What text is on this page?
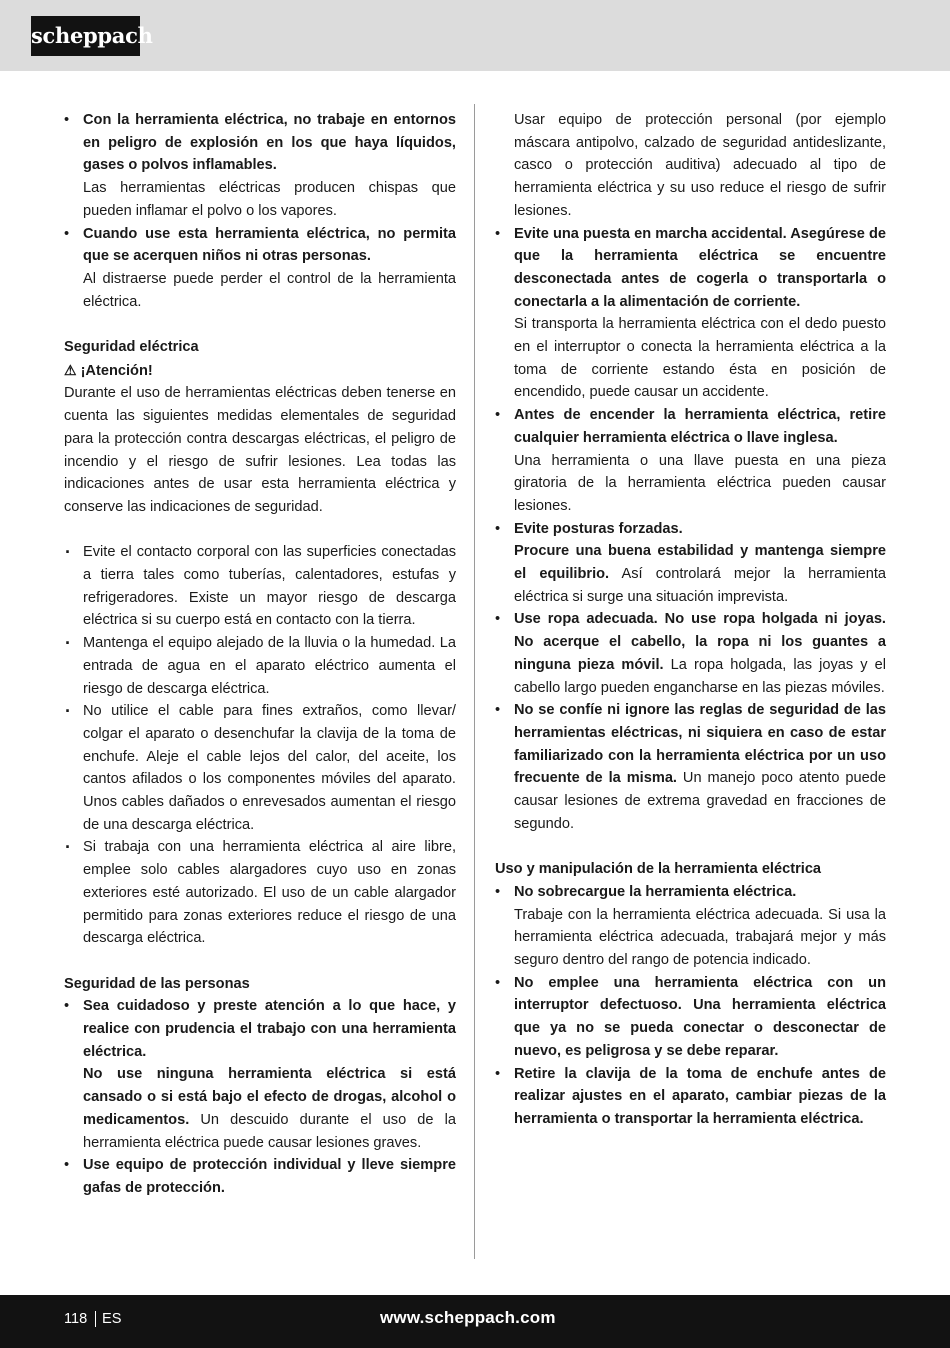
scheppach
• Con la herramienta eléctrica, no trabaje en entornos en peligro de explosión en los que haya líquidos, gases o polvos inflamables.
Las herramientas eléctricas producen chispas que pueden inflamar el polvo o los vapores.
• Cuando use esta herramienta eléctrica, no permita que se acerquen niños ni otras personas.
Al distraerse puede perder el control de la herramienta eléctrica.

Seguridad eléctrica

⚠ ¡Atención!

Durante el uso de herramientas eléctricas deben tenerse en cuenta las siguientes medidas elementales de seguridad para la protección contra descargas eléctricas, el peligro de incendio y el riesgo de sufrir lesiones. Lea todas las indicaciones antes de usar esta herramienta eléctrica y conserve las indicaciones de seguridad.

· Evite el contacto corporal con las superficies conectadas a tierra tales como tuberías, calentadores, estufas y refrigeradores. Existe un mayor riesgo de descarga eléctrica si su cuerpo está en contacto con la tierra.
· Mantenga el equipo alejado de la lluvia o la humedad. La entrada de agua en el aparato eléctrico aumenta el riesgo de descarga eléctrica.
· No utilice el cable para fines extraños, como llevar/ colgar el aparato o desenchufar la clavija de la toma de enchufe. Aleje el cable lejos del calor, del aceite, los cantos afilados o los componentes móviles del aparato. Unos cables dañados o enrevesados aumentan el riesgo de una descarga eléctrica.
· Si trabaja con una herramienta eléctrica al aire libre, emplee solo cables alargadores cuyo uso en zonas exteriores esté autorizado. El uso de un cable alargador permitido para zonas exteriores reduce el riesgo de una descarga eléctrica.

Seguridad de las personas

• Sea cuidadoso y preste atención a lo que hace, y realice con prudencia el trabajo con una herramienta eléctrica.
No use ninguna herramienta eléctrica si está cansado o si está bajo el efecto de drogas, alcohol o medicamentos. Un descuido durante el uso de la herramienta eléctrica puede causar lesiones graves.
• Use equipo de protección individual y lleve siempre gafas de protección.
Usar equipo de protección personal (por ejemplo máscara antipolvo, calzado de seguridad antideslizante, casco o protección auditiva) adecuado al tipo de herramienta eléctrica y su uso reduce el riesgo de sufrir lesiones.
• Evite una puesta en marcha accidental. Asegúrese de que la herramienta eléctrica se encuentre desconectada antes de cogerla o transportarla o conectarla a la alimentación de corriente.
Si transporta la herramienta eléctrica con el dedo puesto en el interruptor o conecta la herramienta eléctrica a la toma de corriente estando ésta en posición de encendido, puede causar un accidente.
• Antes de encender la herramienta eléctrica, retire cualquier herramienta eléctrica o llave inglesa.
Una herramienta o una llave puesta en una pieza giratoria de la herramienta eléctrica pueden causar lesiones.
• Evite posturas forzadas.
Procure una buena estabilidad y mantenga siempre el equilibrio. Así controlará mejor la herramienta eléctrica si surge una situación imprevista.
• Use ropa adecuada. No use ropa holgada ni joyas. No acerque el cabello, la ropa ni los guantes a ninguna pieza móvil. La ropa holgada, las joyas y el cabello largo pueden engancharse en las piezas móviles.
• No se confíe ni ignore las reglas de seguridad de las herramientas eléctricas, ni siquiera en caso de estar familiarizado con la herramienta eléctrica por un uso frecuente de la misma. Un manejo poco atento puede causar lesiones de extrema gravedad en fracciones de segundo.

Uso y manipulación de la herramienta eléctrica

• No sobrecargue la herramienta eléctrica.
Trabaje con la herramienta eléctrica adecuada. Si usa la herramienta eléctrica adecuada, trabajará mejor y más seguro dentro del rango de potencia indicado.
• No emplee una herramienta eléctrica con un interruptor defectuoso. Una herramienta eléctrica que ya no se pueda conectar o desconectar de nuevo, es peligrosa y se debe reparar.
• Retire la clavija de la toma de enchufe antes de realizar ajustes en el aparato, cambiar piezas de la herramienta o transportar la herramienta eléctrica.
118 ES	www.scheppach.com
